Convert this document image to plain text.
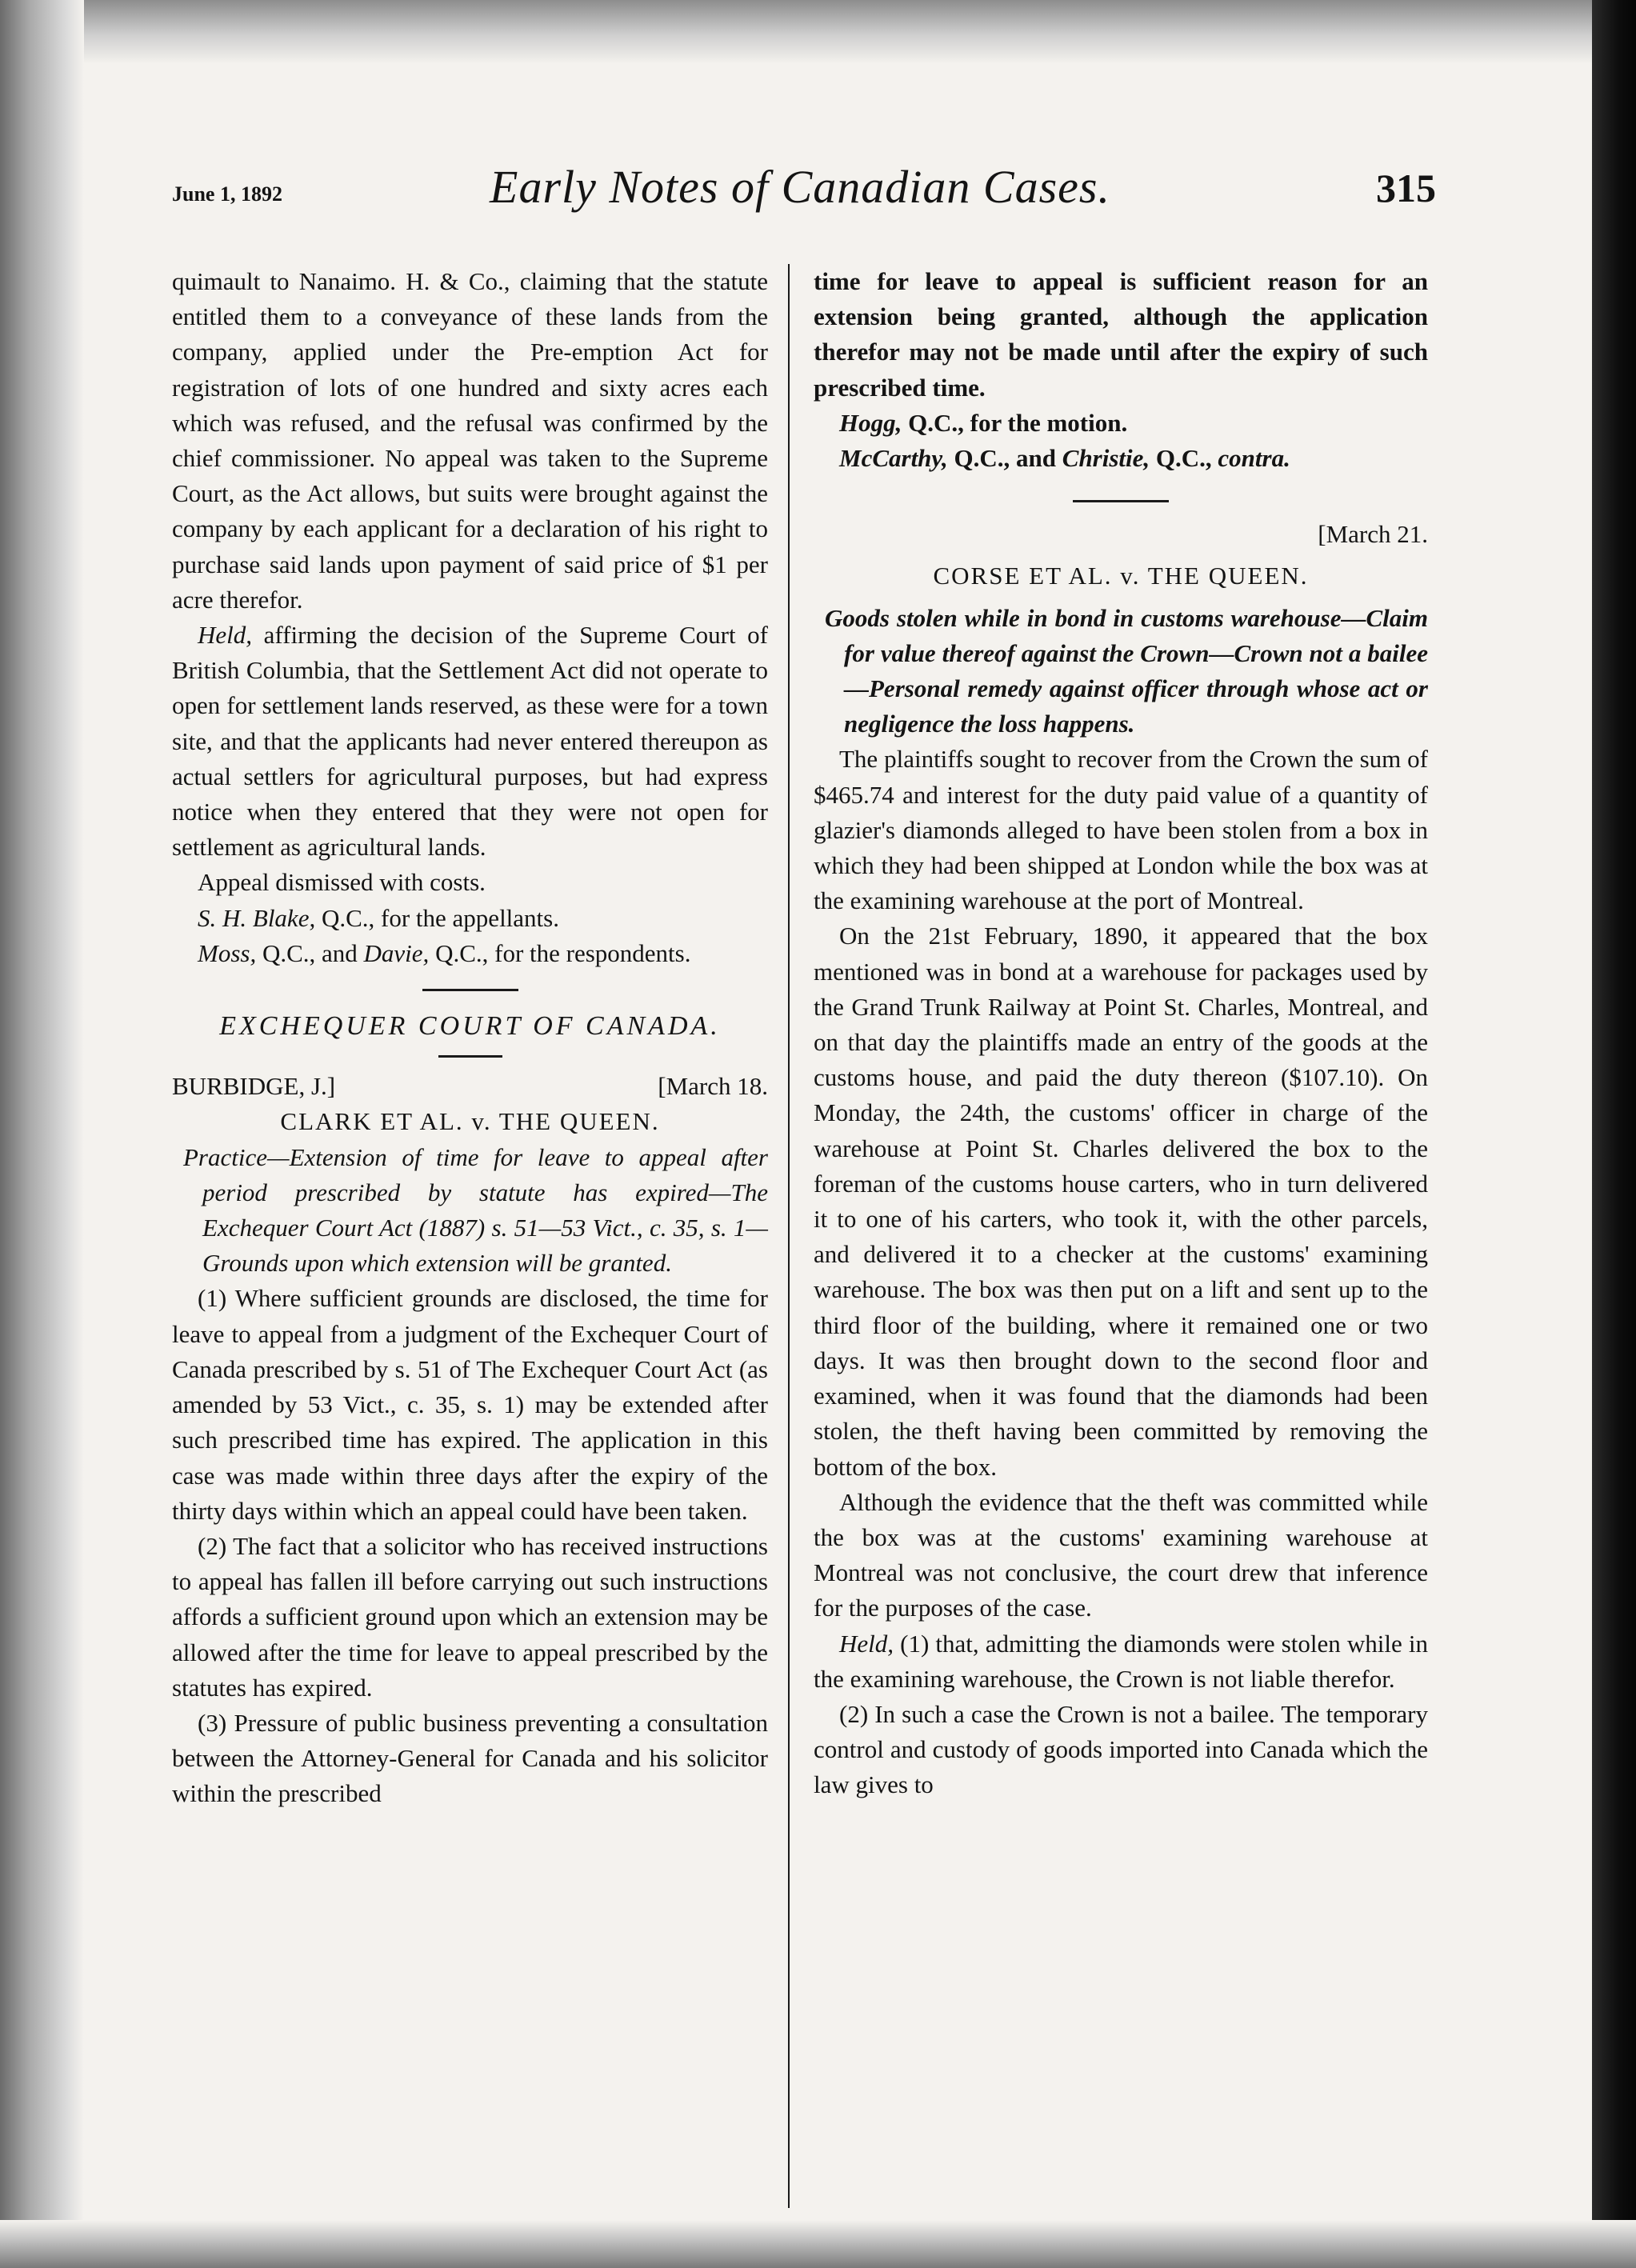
June 1, 1892	Early Notes of Canadian Cases.	315

quimault to Nanaimo. H. & Co., claiming that the statute entitled them to a conveyance of these lands from the company, applied under the Pre-emption Act for registration of lots of one hundred and sixty acres each which was refused, and the refusal was confirmed by the chief commissioner. No appeal was taken to the Supreme Court, as the Act allows, but suits were brought against the company by each applicant for a declaration of his right to purchase said lands upon payment of said price of $1 per acre therefor.

Held, affirming the decision of the Supreme Court of British Columbia, that the Settlement Act did not operate to open for settlement lands reserved, as these were for a town site, and that the applicants had never entered thereupon as actual settlers for agricultural purposes, but had express notice when they entered that they were not open for settlement as agricultural lands.

Appeal dismissed with costs.

S. H. Blake, Q.C., for the appellants.

Moss, Q.C., and Davie, Q.C., for the respondents.

EXCHEQUER COURT OF CANADA.

BURBIDGE, J.]	[March 18.

CLARK ET AL. v. THE QUEEN.

Practice—Extension of time for leave to appeal after period prescribed by statute has expired—The Exchequer Court Act (1887) s. 51—53 Vict., c. 35, s. 1—Grounds upon which extension will be granted.

(1) Where sufficient grounds are disclosed, the time for leave to appeal from a judgment of the Exchequer Court of Canada prescribed by s. 51 of The Exchequer Court Act (as amended by 53 Vict., c. 35, s. 1) may be extended after such prescribed time has expired. The application in this case was made within three days after the expiry of the thirty days within which an appeal could have been taken.

(2) The fact that a solicitor who has received instructions to appeal has fallen ill before carrying out such instructions affords a sufficient ground upon which an extension may be allowed after the time for leave to appeal prescribed by the statutes has expired.

(3) Pressure of public business preventing a consultation between the Attorney-General for Canada and his solicitor within the prescribed

time for leave to appeal is sufficient reason for an extension being granted, although the application therefor may not be made until after the expiry of such prescribed time.

Hogg, Q.C., for the motion.

McCarthy, Q.C., and Christie, Q.C., contra.

[March 21.

CORSE ET AL. v. THE QUEEN.

Goods stolen while in bond in customs warehouse—Claim for value thereof against the Crown—Crown not a bailee—Personal remedy against officer through whose act or negligence the loss happens.

The plaintiffs sought to recover from the Crown the sum of $465.74 and interest for the duty paid value of a quantity of glazier's diamonds alleged to have been stolen from a box in which they had been shipped at London while the box was at the examining warehouse at the port of Montreal.

On the 21st February, 1890, it appeared that the box mentioned was in bond at a warehouse for packages used by the Grand Trunk Railway at Point St. Charles, Montreal, and on that day the plaintiffs made an entry of the goods at the customs house, and paid the duty thereon ($107.10). On Monday, the 24th, the customs' officer in charge of the warehouse at Point St. Charles delivered the box to the foreman of the customs house carters, who in turn delivered it to one of his carters, who took it, with the other parcels, and delivered it to a checker at the customs' examining warehouse. The box was then put on a lift and sent up to the third floor of the building, where it remained one or two days. It was then brought down to the second floor and examined, when it was found that the diamonds had been stolen, the theft having been committed by removing the bottom of the box.

Although the evidence that the theft was committed while the box was at the customs' examining warehouse at Montreal was not conclusive, the court drew that inference for the purposes of the case.

Held, (1) that, admitting the diamonds were stolen while in the examining warehouse, the Crown is not liable therefor.

(2) In such a case the Crown is not a bailee. The temporary control and custody of goods imported into Canada which the law gives to
